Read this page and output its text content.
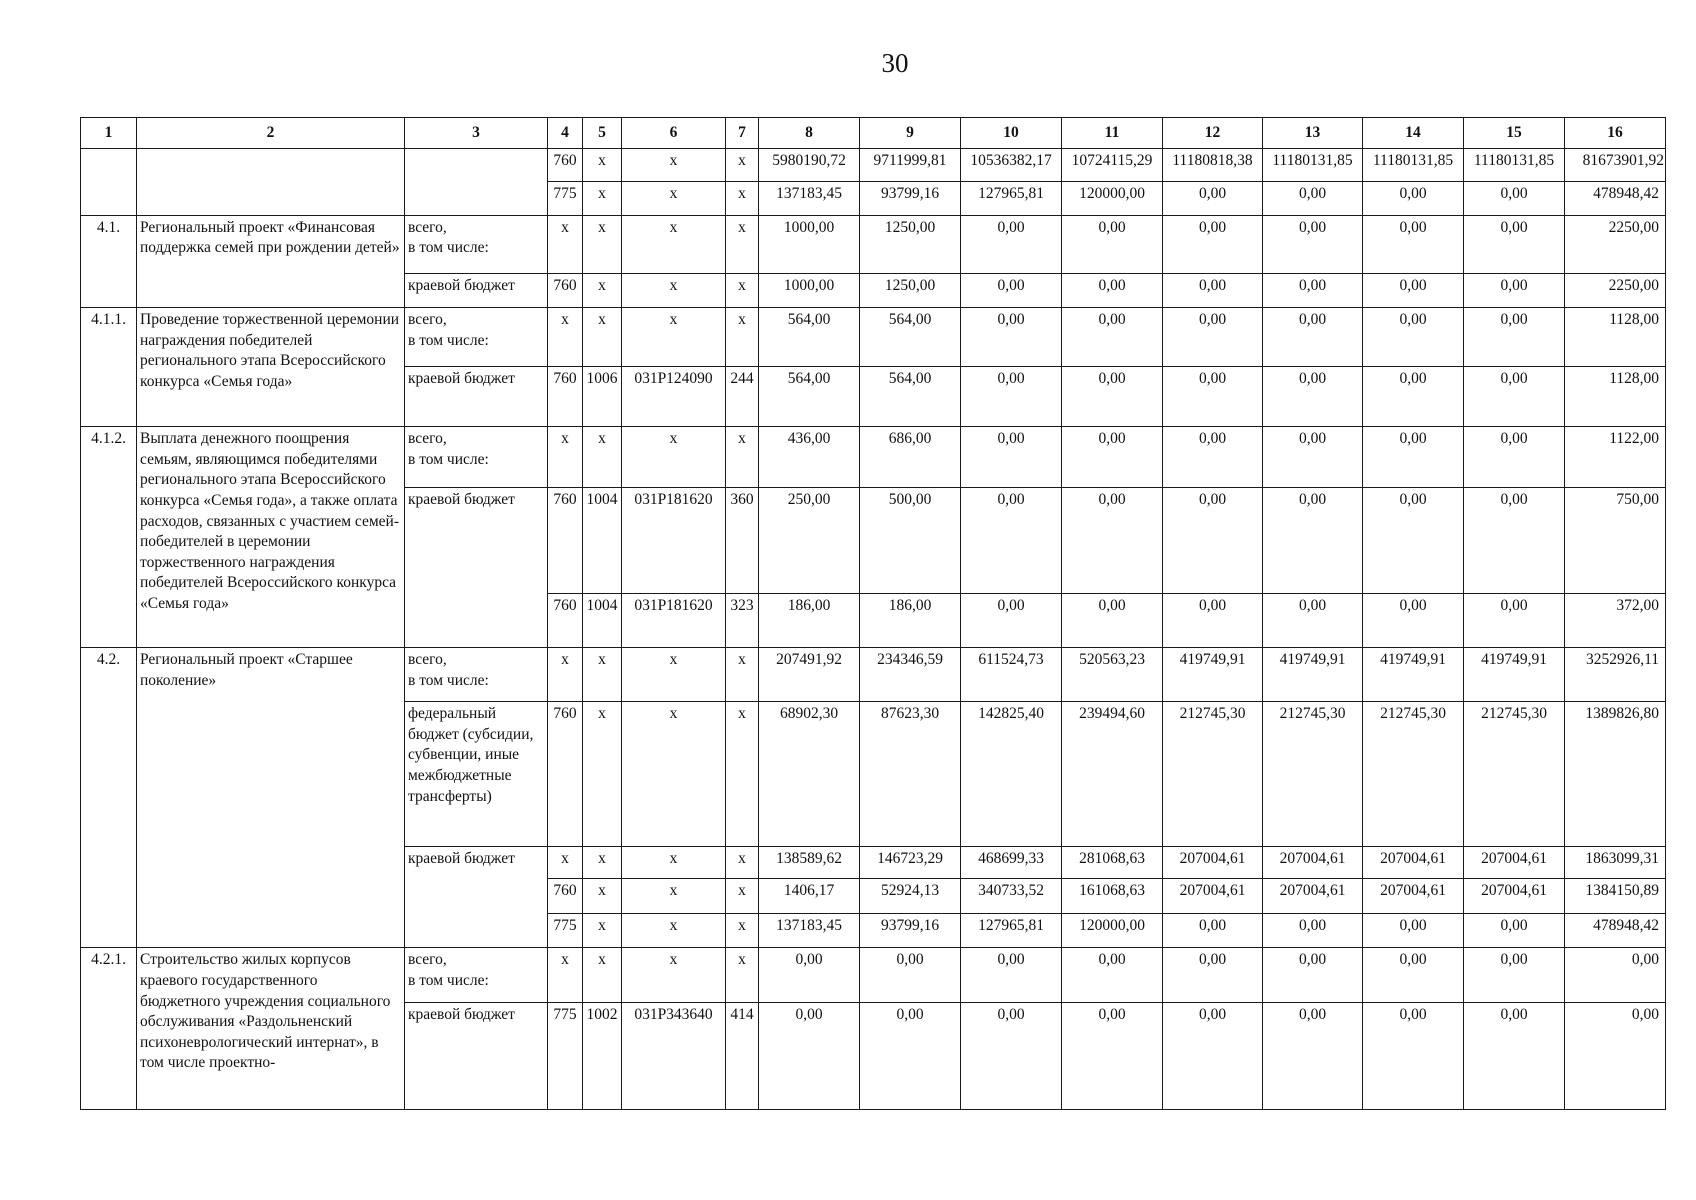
30
1	2	3	4	5	6	7	8	9	10	11	12	13	14	15	16
			760	x	x	x	5980190,72	9711999,81	10536382,17	10724115,29	11180818,38	11180131,85	11180131,85	11180131,85	81673901,92
			775	x	x	x	137183,45	93799,16	127965,81	120000,00	0,00	0,00	0,00	0,00	478948,42
4.1.	Региональный проект «Финансовая поддержка семей при рождении детей»	всего,
в том числе:	x	x	x	x	1000,00	1250,00	0,00	0,00	0,00	0,00	0,00	0,00	2250,00
		краевой бюджет	760	x	x	x	1000,00	1250,00	0,00	0,00	0,00	0,00	0,00	0,00	2250,00
4.1.1.	Проведение торжественной церемонии награждения победителей регионального этапа Всероссийского конкурса «Семья года»	всего,
в том числе:	x	x	x	x	564,00	564,00	0,00	0,00	0,00	0,00	0,00	0,00	1128,00
		краевой бюджет	760	1006	031P124090	244	564,00	564,00	0,00	0,00	0,00	0,00	0,00	0,00	1128,00
4.1.2.	Выплата денежного поощрения семьям, являющимся победителями регионального этапа Всероссийского конкурса «Семья года», а также оплата расходов, связанных с участием семей-победителей в церемонии торжественного награждения победителей Всероссийского конкурса «Семья года»	всего,
в том числе:	x	x	x	x	436,00	686,00	0,00	0,00	0,00	0,00	0,00	0,00	1122,00
		краевой бюджет	760	1004	031P181620	360	250,00	500,00	0,00	0,00	0,00	0,00	0,00	0,00	750,00
			760	1004	031P181620	323	186,00	186,00	0,00	0,00	0,00	0,00	0,00	0,00	372,00
4.2.	Региональный проект «Старшее поколение»	всего,
в том числе:	x	x	x	x	207491,92	234346,59	611524,73	520563,23	419749,91	419749,91	419749,91	419749,91	3252926,11
		федеральный бюджет (субсидии, субвенции, иные межбюджетные трансферты)	760	x	x	x	68902,30	87623,30	142825,40	239494,60	212745,30	212745,30	212745,30	212745,30	1389826,80
		краевой бюджет	x	x	x	x	138589,62	146723,29	468699,33	281068,63	207004,61	207004,61	207004,61	207004,61	1863099,31
			760	x	x	x	1406,17	52924,13	340733,52	161068,63	207004,61	207004,61	207004,61	207004,61	1384150,89
			775	x	x	x	137183,45	93799,16	127965,81	120000,00	0,00	0,00	0,00	0,00	478948,42
4.2.1.	Строительство жилых корпусов краевого государственного бюджетного учреждения социального обслуживания «Раздольненский психоневрологический интернат», в том числе проектно-	всего,
в том числе:	x	x	x	x	0,00	0,00	0,00	0,00	0,00	0,00	0,00	0,00	0,00
		краевой бюджет	775	1002	031P343640	414	0,00	0,00	0,00	0,00	0,00	0,00	0,00	0,00	0,00
